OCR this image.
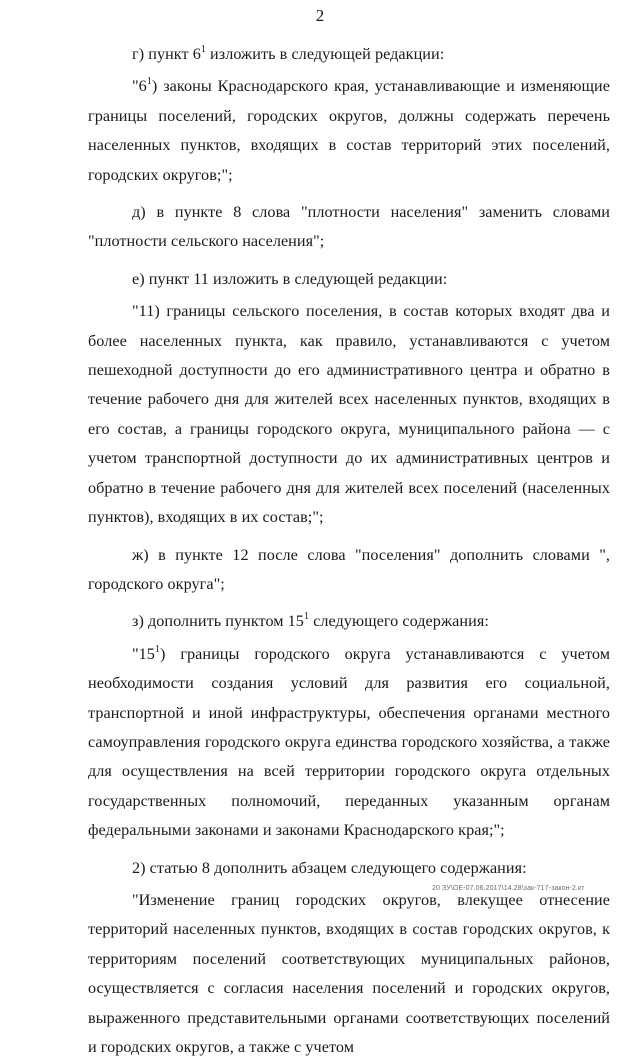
2

г) пункт $6^1$ изложить в следующей редакции:

"$6^1$) законы Краснодарского края, устанавливающие и изменяющие границы поселений, городских округов, должны содержать перечень населенных пунктов, входящих в состав территорий этих поселений, городских округов;";

д) в пункте 8 слова "плотности населения" заменить словами "плотности сельского населения";

е) пункт 11 изложить в следующей редакции:

"11) границы сельского поселения, в состав которых входят два и более населенных пункта, как правило, устанавливаются с учетом пешеходной доступности до его административного центра и обратно в течение рабочего дня для жителей всех населенных пунктов, входящих в его состав, а границы городского округа, муниципального района — с учетом транспортной доступности до их административных центров и обратно в течение рабочего дня для жителей всех поселений (населенных пунктов), входящих в их состав;";

ж) в пункте 12 после слова "поселения" дополнить словами ", городского округа";

з) дополнить пунктом $15^1$ следующего содержания:

"$15^1$) границы городского округа устанавливаются с учетом необходимости создания условий для развития его социальной, транспортной и иной инфраструктуры, обеспечения органами местного самоуправления городского округа единства городского хозяйства, а также для осуществления на всей территории городского округа отдельных государственных полномочий, переданных указанным органам федеральными законами и законами Краснодарского края;";

2) статью 8 дополнить абзацем следующего содержания:

"Изменение границ городских округов, влекущее отнесение территорий населенных пунктов, входящих в состав городских округов, к территориям поселений соответствующих муниципальных районов, осуществляется с согласия населения поселений и городских округов, выраженного представительными органами соответствующих поселений и городских округов, а также с учетом

20 ЗУ\ОЕ-07.06.2017\14.28\зак-717-закон-2.кт
